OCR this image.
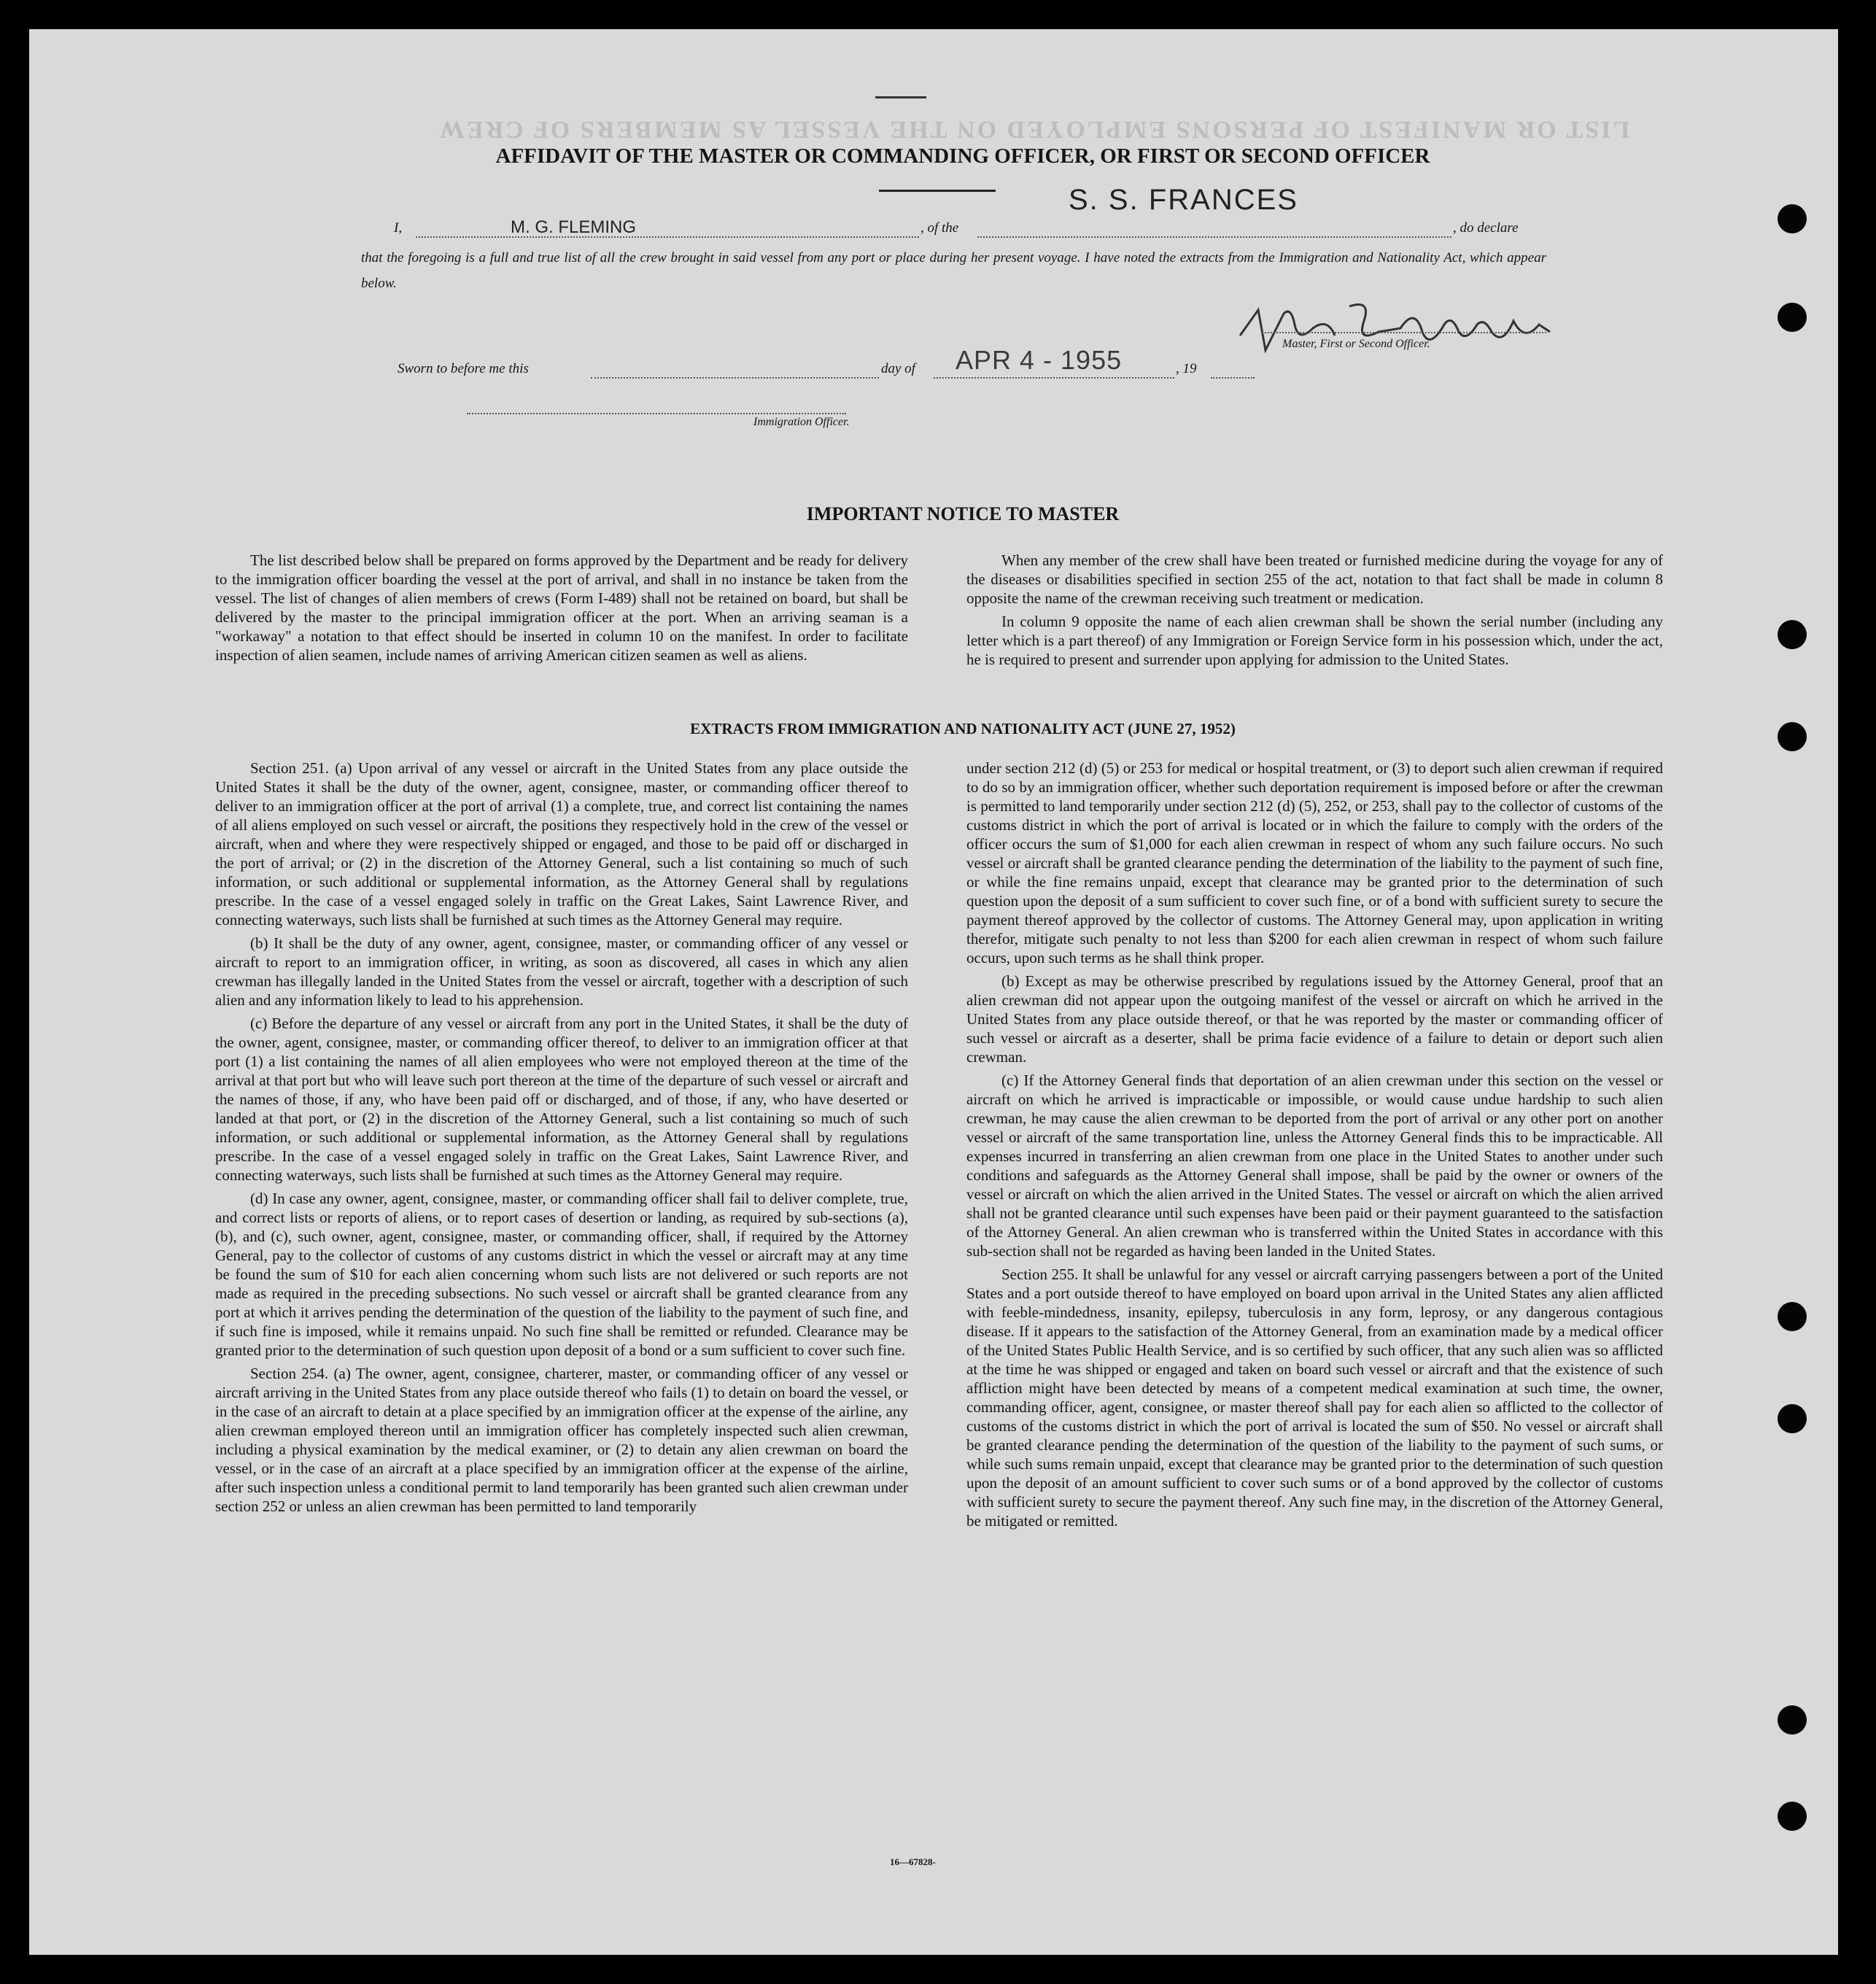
LIST OR MANIFEST OF PERSONS EMPLOYED ON THE VESSEL AS MEMBERS OF CREW
AFFIDAVIT OF THE MASTER OR COMMANDING OFFICER, OR FIRST OR SECOND OFFICER
S. S. FRANCES
I,	M. G. FLEMING	, of the	, do declare
that the foregoing is a full and true list of all the crew brought in said vessel from any port or place during her present voyage. I have noted the extracts from the Immigration and Nationality Act, which appear below.
Master, First or Second Officer.
Sworn to before me this	day of APR 4 - 1955	, 19
Immigration Officer.
IMPORTANT NOTICE TO MASTER

The list described below shall be prepared on forms approved by the Department and be ready for delivery to the immigration officer boarding the vessel at the port of arrival, and shall in no instance be taken from the vessel. The list of changes of alien members of crews (Form I-489) shall not be retained on board, but shall be delivered by the master to the principal immigration officer at the port. When an arriving seaman is a "workaway" a notation to that effect should be inserted in column 10 on the manifest. In order to facilitate inspection of alien seamen, include names of arriving American citizen seamen as well as aliens.

When any member of the crew shall have been treated or furnished medicine during the voyage for any of the diseases or disabilities specified in section 255 of the act, notation to that fact shall be made in column 8 opposite the name of the crewman receiving such treatment or medication.

In column 9 opposite the name of each alien crewman shall be shown the serial number (including any letter which is a part thereof) of any Immigration or Foreign Service form in his possession which, under the act, he is required to present and surrender upon applying for admission to the United States.

EXTRACTS FROM IMMIGRATION AND NATIONALITY ACT (JUNE 27, 1952)

Section 251. (a) Upon arrival of any vessel or aircraft in the United States from any place outside the United States it shall be the duty of the owner, agent, consignee, master, or commanding officer thereof to deliver to an immigration officer at the port of arrival (1) a complete, true, and correct list containing the names of all aliens employed on such vessel or aircraft, the positions they respectively hold in the crew of the vessel or aircraft, when and where they were respectively shipped or engaged, and those to be paid off or discharged in the port of arrival; or (2) in the discretion of the Attorney General, such a list containing so much of such information, or such additional or supplemental information, as the Attorney General shall by regulations prescribe. In the case of a vessel engaged solely in traffic on the Great Lakes, Saint Lawrence River, and connecting waterways, such lists shall be furnished at such times as the Attorney General may require.

(b) It shall be the duty of any owner, agent, consignee, master, or commanding officer of any vessel or aircraft to report to an immigration officer, in writing, as soon as discovered, all cases in which any alien crewman has illegally landed in the United States from the vessel or aircraft, together with a description of such alien and any information likely to lead to his apprehension.

(c) Before the departure of any vessel or aircraft from any port in the United States, it shall be the duty of the owner, agent, consignee, master, or commanding officer thereof, to deliver to an immigration officer at that port (1) a list containing the names of all alien employees who were not employed thereon at the time of the arrival at that port but who will leave such port thereon at the time of the departure of such vessel or aircraft and the names of those, if any, who have been paid off or discharged, and of those, if any, who have deserted or landed at that port, or (2) in the discretion of the Attorney General, such a list containing so much of such information, or such additional or supplemental information, as the Attorney General shall by regulations prescribe. In the case of a vessel engaged solely in traffic on the Great Lakes, Saint Lawrence River, and connecting waterways, such lists shall be furnished at such times as the Attorney General may require.

(d) In case any owner, agent, consignee, master, or commanding officer shall fail to deliver complete, true, and correct lists or reports of aliens, or to report cases of desertion or landing, as required by sub-sections (a), (b), and (c), such owner, agent, consignee, master, or commanding officer, shall, if required by the Attorney General, pay to the collector of customs of any customs district in which the vessel or aircraft may at any time be found the sum of $10 for each alien concerning whom such lists are not delivered or such reports are not made as required in the preceding subsections. No such vessel or aircraft shall be granted clearance from any port at which it arrives pending the determination of the question of the liability to the payment of such fine, and if such fine is imposed, while it remains unpaid. No such fine shall be remitted or refunded. Clearance may be granted prior to the determination of such question upon deposit of a bond or a sum sufficient to cover such fine.

Section 254. (a) The owner, agent, consignee, charterer, master, or commanding officer of any vessel or aircraft arriving in the United States from any place outside thereof who fails (1) to detain on board the vessel, or in the case of an aircraft to detain at a place specified by an immigration officer at the expense of the airline, any alien crewman employed thereon until an immigration officer has completely inspected such alien crewman, including a physical examination by the medical examiner, or (2) to detain any alien crewman on board the vessel, or in the case of an aircraft at a place specified by an immigration officer at the expense of the airline, after such inspection unless a conditional permit to land temporarily has been granted such alien crewman under section 252 or unless an alien crewman has been permitted to land temporarily

under section 212 (d) (5) or 253 for medical or hospital treatment, or (3) to deport such alien crewman if required to do so by an immigration officer, whether such deportation requirement is imposed before or after the crewman is permitted to land temporarily under section 212 (d) (5), 252, or 253, shall pay to the collector of customs of the customs district in which the port of arrival is located or in which the failure to comply with the orders of the officer occurs the sum of $1,000 for each alien crewman in respect of whom any such failure occurs. No such vessel or aircraft shall be granted clearance pending the determination of the liability to the payment of such fine, or while the fine remains unpaid, except that clearance may be granted prior to the determination of such question upon the deposit of a sum sufficient to cover such fine, or of a bond with sufficient surety to secure the payment thereof approved by the collector of customs. The Attorney General may, upon application in writing therefor, mitigate such penalty to not less than $200 for each alien crewman in respect of whom such failure occurs, upon such terms as he shall think proper.

(b) Except as may be otherwise prescribed by regulations issued by the Attorney General, proof that an alien crewman did not appear upon the outgoing manifest of the vessel or aircraft on which he arrived in the United States from any place outside thereof, or that he was reported by the master or commanding officer of such vessel or aircraft as a deserter, shall be prima facie evidence of a failure to detain or deport such alien crewman.

(c) If the Attorney General finds that deportation of an alien crewman under this section on the vessel or aircraft on which he arrived is impracticable or impossible, or would cause undue hardship to such alien crewman, he may cause the alien crewman to be deported from the port of arrival or any other port on another vessel or aircraft of the same transportation line, unless the Attorney General finds this to be impracticable. All expenses incurred in transferring an alien crewman from one place in the United States to another under such conditions and safeguards as the Attorney General shall impose, shall be paid by the owner or owners of the vessel or aircraft on which the alien arrived in the United States. The vessel or aircraft on which the alien arrived shall not be granted clearance until such expenses have been paid or their payment guaranteed to the satisfaction of the Attorney General. An alien crewman who is transferred within the United States in accordance with this sub-section shall not be regarded as having been landed in the United States.

Section 255. It shall be unlawful for any vessel or aircraft carrying passengers between a port of the United States and a port outside thereof to have employed on board upon arrival in the United States any alien afflicted with feeble-mindedness, insanity, epilepsy, tuberculosis in any form, leprosy, or any dangerous contagious disease. If it appears to the satisfaction of the Attorney General, from an examination made by a medical officer of the United States Public Health Service, and is so certified by such officer, that any such alien was so afflicted at the time he was shipped or engaged and taken on board such vessel or aircraft and that the existence of such affliction might have been detected by means of a competent medical examination at such time, the owner, commanding officer, agent, consignee, or master thereof shall pay for each alien so afflicted to the collector of customs of the customs district in which the port of arrival is located the sum of $50. No vessel or aircraft shall be granted clearance pending the determination of the question of the liability to the payment of such sums, or while such sums remain unpaid, except that clearance may be granted prior to the determination of such question upon the deposit of an amount sufficient to cover such sums or of a bond approved by the collector of customs with sufficient surety to secure the payment thereof. Any such fine may, in the discretion of the Attorney General, be mitigated or remitted.

16—67828-
